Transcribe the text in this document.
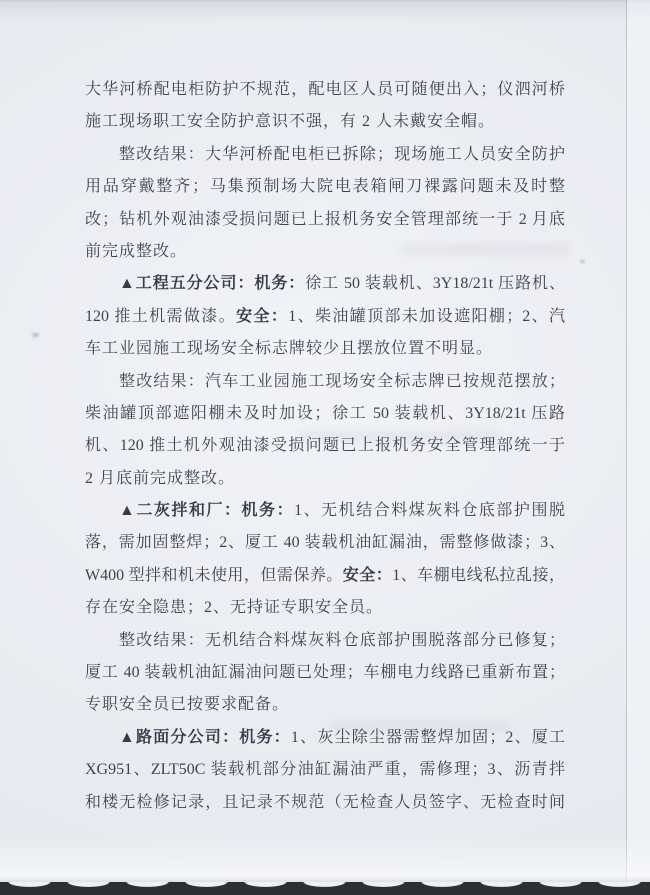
大华河桥配电柜防护不规范，配电区人员可随便出入；仪泗河桥
施工现场职工安全防护意识不强，有 2 人未戴安全帽。
整改结果：大华河桥配电柜已拆除；现场施工人员安全防护
用品穿戴整齐；马集预制场大院电表箱闸刀裸露问题未及时整
改；钻机外观油漆受损问题已上报机务安全管理部统一于 2 月底
前完成整改。
▲工程五分公司：机务：徐工 50 装载机、3Y18/21t 压路机、
120 推土机需做漆。安全：1、柴油罐顶部未加设遮阳棚；2、汽
车工业园施工现场安全标志牌较少且摆放位置不明显。
整改结果：汽车工业园施工现场安全标志牌已按规范摆放；
柴油罐顶部遮阳棚未及时加设；徐工 50 装载机、3Y18/21t 压路
机、120 推土机外观油漆受损问题已上报机务安全管理部统一于
2 月底前完成整改。
▲二灰拌和厂：机务：1、无机结合料煤灰料仓底部护围脱
落，需加固整焊；2、厦工 40 装载机油缸漏油，需整修做漆；3、
W400 型拌和机未使用，但需保养。安全：1、车棚电线私拉乱接，
存在安全隐患；2、无持证专职安全员。
整改结果：无机结合料煤灰料仓底部护围脱落部分已修复；
厦工 40 装载机油缸漏油问题已处理；车棚电力线路已重新布置；
专职安全员已按要求配备。
▲路面分公司：机务：1、灰尘除尘器需整焊加固；2、厦工
XG951、ZLT50C 装载机部分油缸漏油严重，需修理；3、沥青拌
和楼无检修记录，且记录不规范（无检查人员签字、无检查时间
